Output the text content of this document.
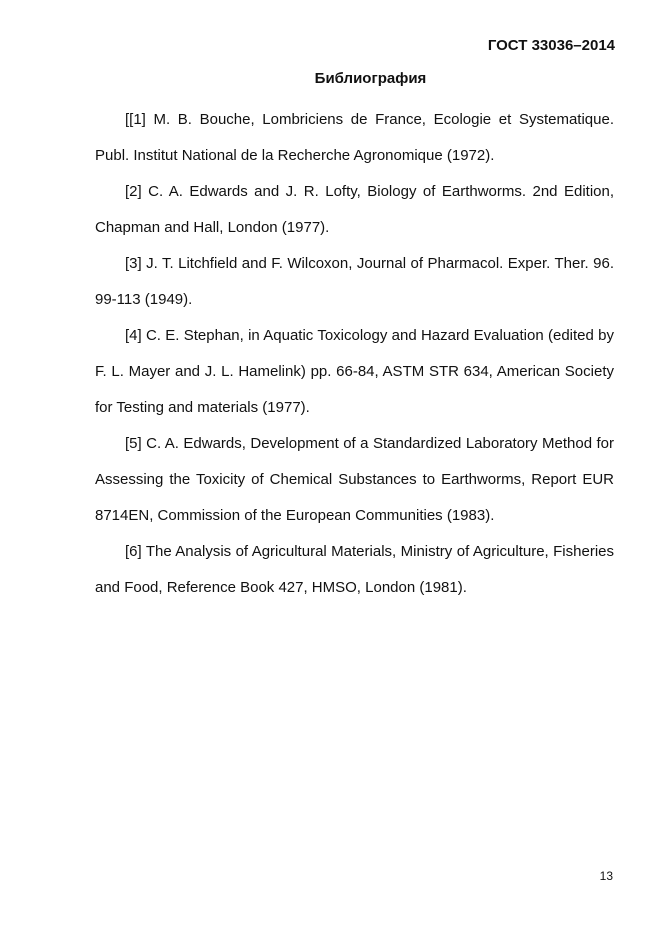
ГОСТ 33036–2014
Библиография

[[1] M. B. Bouche, Lombriciens de France, Ecologie et Systematique. Publ. Institut National de la Recherche Agronomique (1972).

[2] C. A. Edwards and J. R. Lofty, Biology of Earthworms. 2nd Edition, Chapman and Hall, London (1977).

[3] J. T. Litchfield and F. Wilcoxon, Journal of Pharmacol. Exper. Ther. 96. 99-113 (1949).

[4] C. E. Stephan, in Aquatic Toxicology and Hazard Evaluation (edited by F. L. Mayer and J. L. Hamelink) pp. 66-84, ASTM STR 634, American Society for Testing and materials (1977).

[5] C. A. Edwards, Development of a Standardized Laboratory Method for Assessing the Toxicity of Chemical Substances to Earthworms, Report EUR 8714EN, Commission of the European Communities (1983).

[6] The Analysis of Agricultural Materials, Ministry of Agriculture, Fisheries and Food, Reference Book 427, HMSO, London (1981).

13
